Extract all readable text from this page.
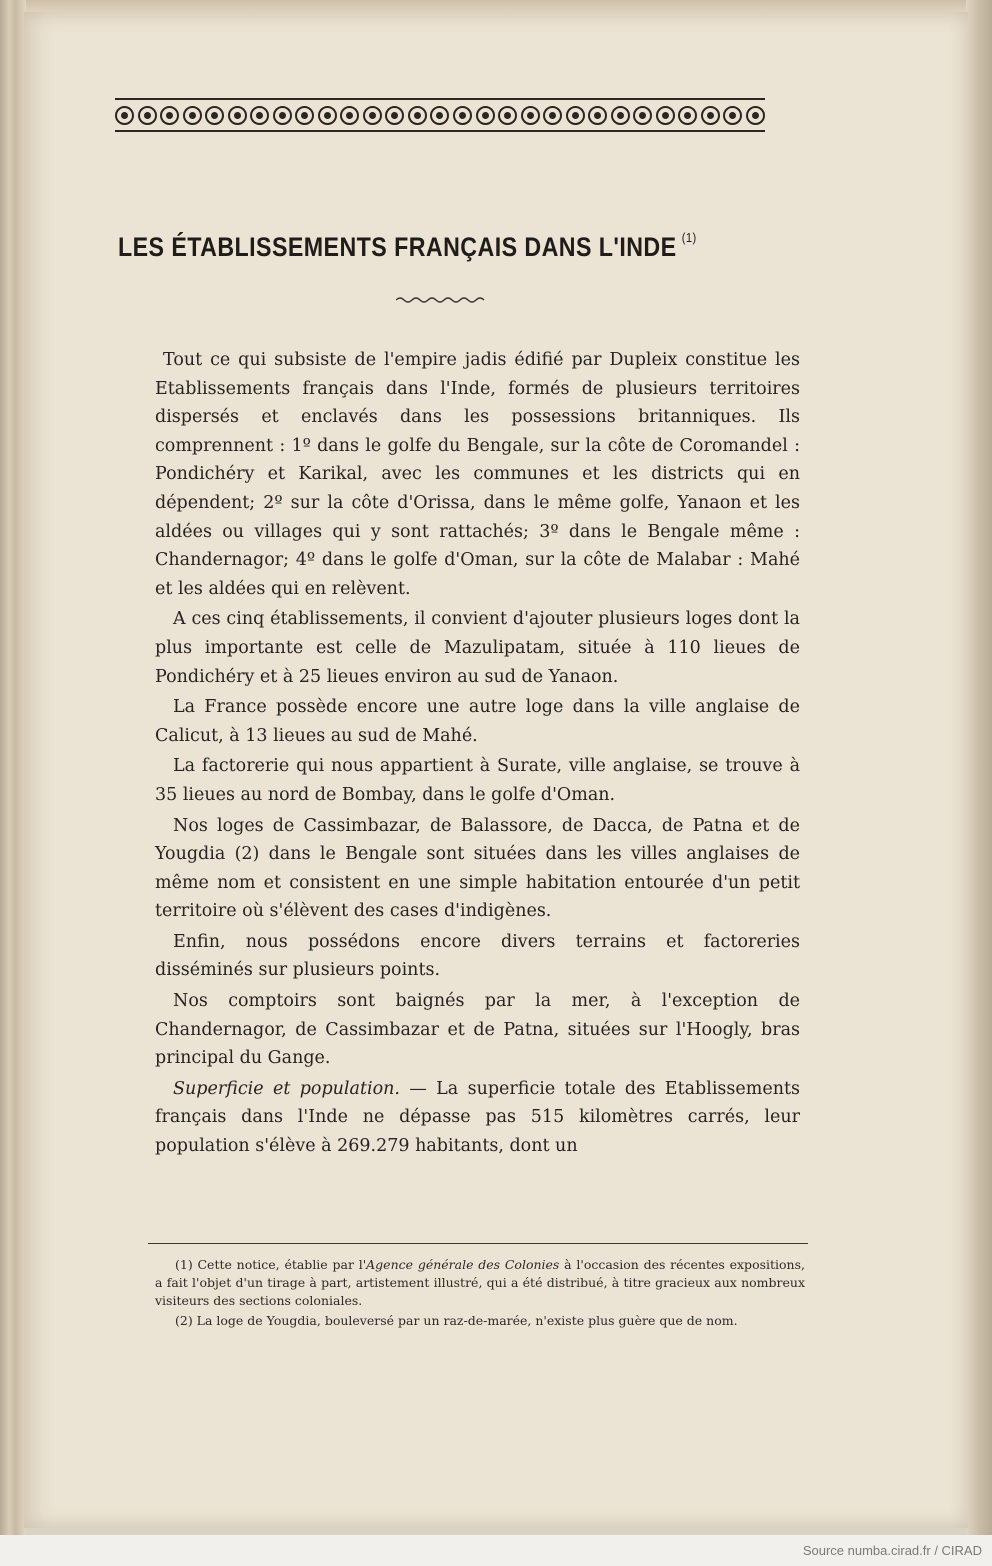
LES ÉTABLISSEMENTS FRANÇAIS DANS L'INDE $^{(1)}$

Tout ce qui subsiste de l'empire jadis édifié par Dupleix constitue les Etablissements français dans l'Inde, formés de plusieurs territoires dispersés et enclavés dans les possessions britanniques. Ils comprennent : 1º dans le golfe du Bengale, sur la côte de Coromandel : Pondichéry et Karikal, avec les communes et les districts qui en dépendent; 2º sur la côte d'Orissa, dans le même golfe, Yanaon et les aldées ou villages qui y sont rattachés; 3º dans le Bengale même : Chandernagor; 4º dans le golfe d'Oman, sur la côte de Malabar : Mahé et les aldées qui en relèvent.

A ces cinq établissements, il convient d'ajouter plusieurs loges dont la plus importante est celle de Mazulipatam, située à 110 lieues de Pondichéry et à 25 lieues environ au sud de Yanaon.

La France possède encore une autre loge dans la ville anglaise de Calicut, à 13 lieues au sud de Mahé.

La factorerie qui nous appartient à Surate, ville anglaise, se trouve à 35 lieues au nord de Bombay, dans le golfe d'Oman.

Nos loges de Cassimbazar, de Balassore, de Dacca, de Patna et de Yougdia (2) dans le Bengale sont situées dans les villes anglaises de même nom et consistent en une simple habitation entourée d'un petit territoire où s'élèvent des cases d'indigènes.

Enfin, nous possédons encore divers terrains et factoreries disséminés sur plusieurs points.

Nos comptoirs sont baignés par la mer, à l'exception de Chandernagor, de Cassimbazar et de Patna, situées sur l'Hoogly, bras principal du Gange.

Superficie et population. — La superficie totale des Etablissements français dans l'Inde ne dépasse pas 515 kilomètres carrés, leur population s'élève à 269.279 habitants, dont un

(1) Cette notice, établie par l'Agence générale des Colonies à l'occasion des récentes expositions, a fait l'objet d'un tirage à part, artistement illustré, qui a été distribué, à titre gracieux aux nombreux visiteurs des sections coloniales.

(2) La loge de Yougdia, bouleversé par un raz-de-marée, n'existe plus guère que de nom.

Source numba.cirad.fr / CIRAD
